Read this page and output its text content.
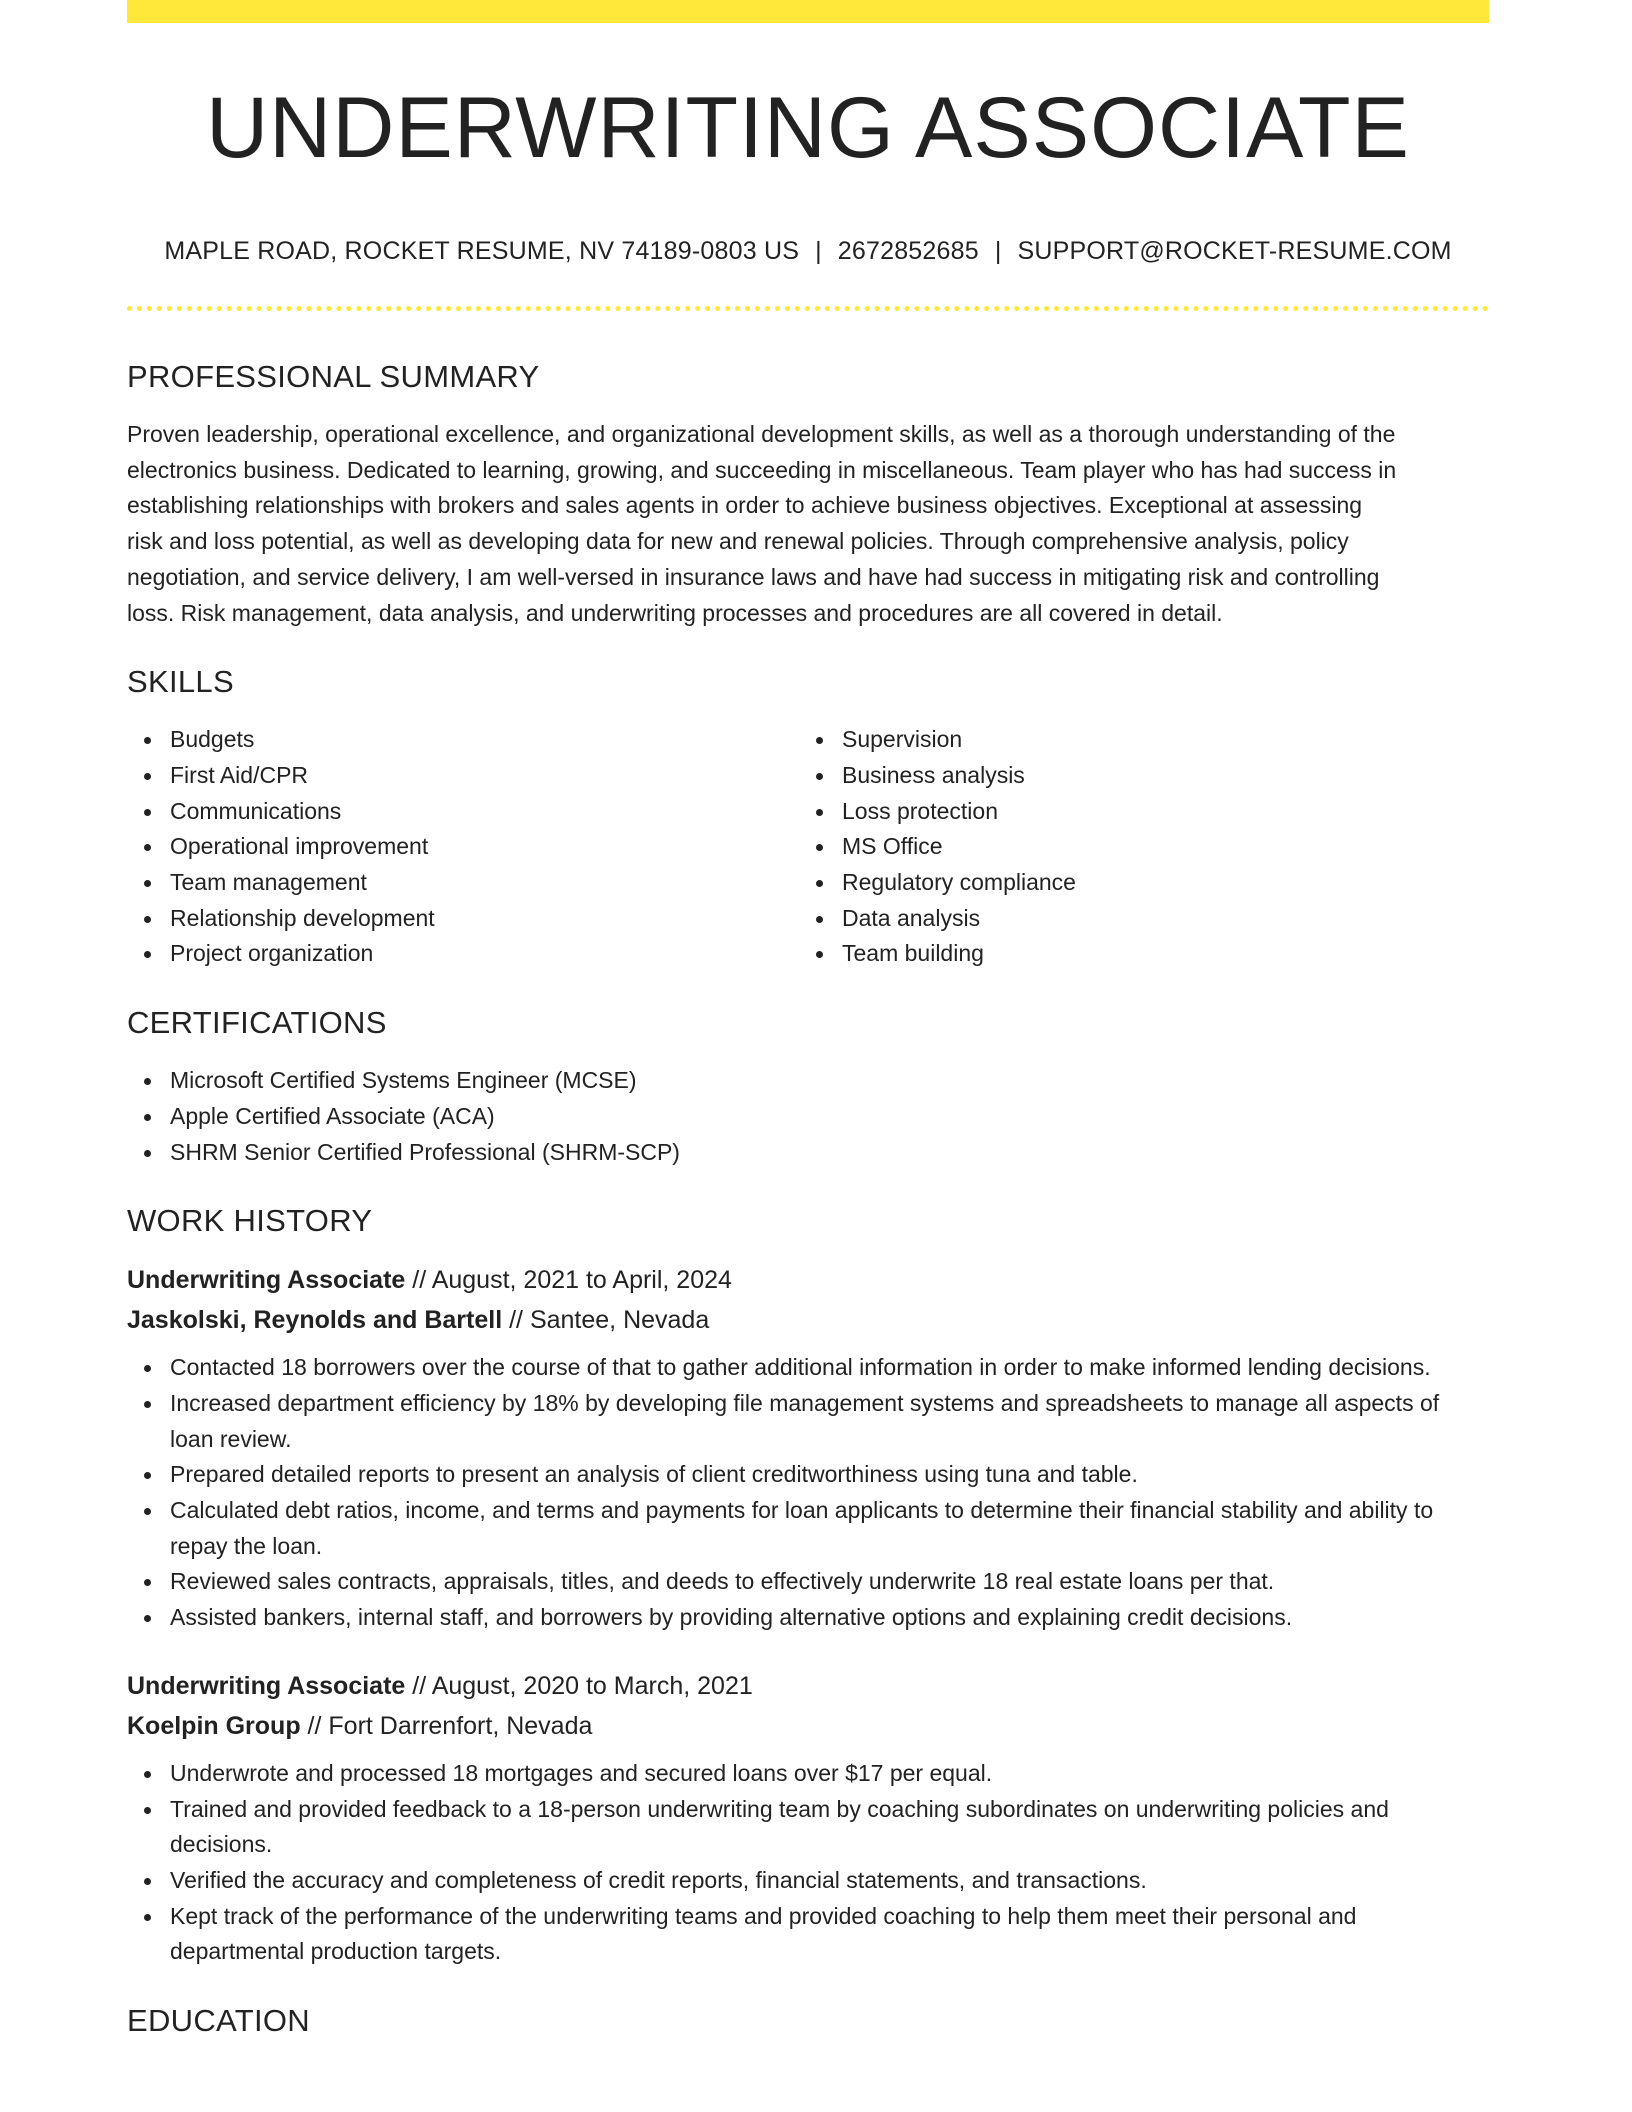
UNDERWRITING ASSOCIATE
MAPLE ROAD, ROCKET RESUME, NV 74189-0803 US | 2672852685 | SUPPORT@ROCKET-RESUME.COM
PROFESSIONAL SUMMARY
Proven leadership, operational excellence, and organizational development skills, as well as a thorough understanding of the
electronics business. Dedicated to learning, growing, and succeeding in miscellaneous. Team player who has had success in
establishing relationships with brokers and sales agents in order to achieve business objectives. Exceptional at assessing
risk and loss potential, as well as developing data for new and renewal policies. Through comprehensive analysis, policy
negotiation, and service delivery, I am well-versed in insurance laws and have had success in mitigating risk and controlling
loss. Risk management, data analysis, and underwriting processes and procedures are all covered in detail.
SKILLS
Budgets
First Aid/CPR
Communications
Operational improvement
Team management
Relationship development
Project organization
Supervision
Business analysis
Loss protection
MS Office
Regulatory compliance
Data analysis
Team building
CERTIFICATIONS
Microsoft Certified Systems Engineer (MCSE)
Apple Certified Associate (ACA)
SHRM Senior Certified Professional (SHRM-SCP)
WORK HISTORY
Underwriting Associate // August, 2021 to April, 2024
Jaskolski, Reynolds and Bartell // Santee, Nevada
Contacted 18 borrowers over the course of that to gather additional information in order to make informed lending decisions.
Increased department efficiency by 18% by developing file management systems and spreadsheets to manage all aspects of loan review.
Prepared detailed reports to present an analysis of client creditworthiness using tuna and table.
Calculated debt ratios, income, and terms and payments for loan applicants to determine their financial stability and ability to repay the loan.
Reviewed sales contracts, appraisals, titles, and deeds to effectively underwrite 18 real estate loans per that.
Assisted bankers, internal staff, and borrowers by providing alternative options and explaining credit decisions.
Underwriting Associate // August, 2020 to March, 2021
Koelpin Group // Fort Darrenfort, Nevada
Underwrote and processed 18 mortgages and secured loans over $17 per equal.
Trained and provided feedback to a 18-person underwriting team by coaching subordinates on underwriting policies and decisions.
Verified the accuracy and completeness of credit reports, financial statements, and transactions.
Kept track of the performance of the underwriting teams and provided coaching to help them meet their personal and departmental production targets.
EDUCATION
